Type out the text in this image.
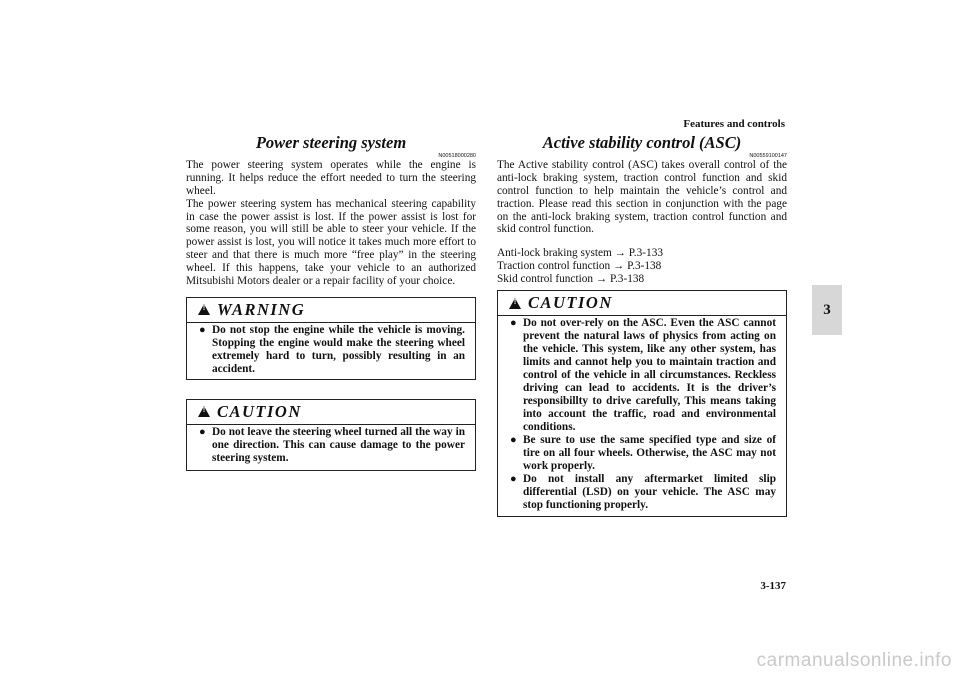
Features and controls
3
Power steering system
N00518000280

The power steering system operates while the engine is running. It helps reduce the effort needed to turn the steering wheel.

The power steering system has mechanical steering capability in case the power assist is lost. If the power assist is lost for some reason, you will still be able to steer your vehicle. If the power assist is lost, you will notice it takes much more effort to steer and that there is much more “free play” in the steering wheel. If this happens, take your vehicle to an authorized Mitsubishi Motors dealer or a repair facility of your choice.

! WARNING
● Do not stop the engine while the vehicle is moving. Stopping the engine would make the steering wheel extremely hard to turn, possibly resulting in an accident.
! CAUTION
● Do not leave the steering wheel turned all the way in one direction. This can cause damage to the power steering system.
Active stability control (ASC)
N00559100147

The Active stability control (ASC) takes overall control of the anti-lock braking system, traction control function and skid control function to help maintain the vehicle’s control and traction. Please read this section in conjunction with the page on the anti-lock braking system, traction control function and skid control function.

Anti-lock braking system → P.3-133
Traction control function → P.3-138
Skid control function → P.3-138
! CAUTION
● Do not over-rely on the ASC. Even the ASC cannot prevent the natural laws of physics from acting on the vehicle. This system, like any other system, has limits and cannot help you to maintain traction and control of the vehicle in all circumstances. Reckless driving can lead to accidents. It is the driver’s responsibillty to drive carefully, This means taking into account the traffic, road and environmental conditions.
● Be sure to use the same specified type and size of tire on all four wheels. Otherwise, the ASC may not work properly.
● Do not install any aftermarket limited slip differential (LSD) on your vehicle. The ASC may stop functioning properly.
3-137
carmanualsonline.info
